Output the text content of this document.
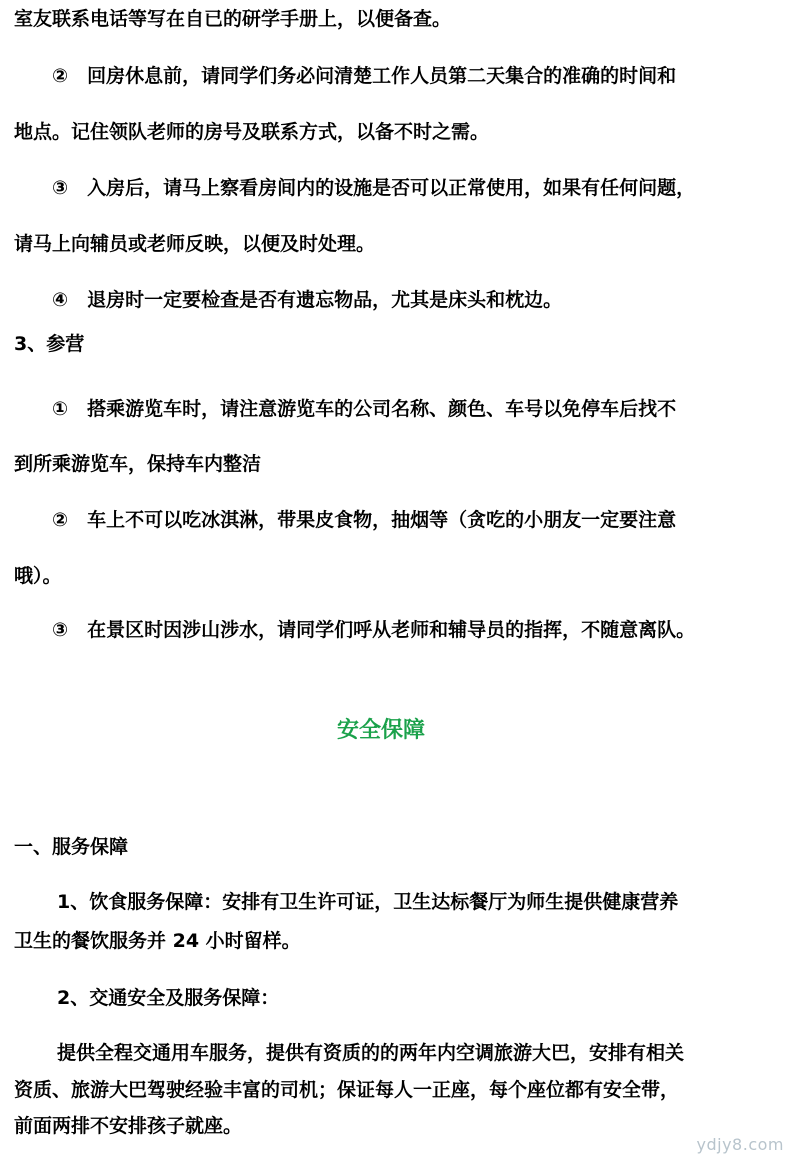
室友联系电话等写在自已的研学手册上，以便备查。
②　回房休息前，请同学们务必问清楚工作人员第二天集合的准确的时间和
地点。记住领队老师的房号及联系方式，以备不时之需。
③　入房后，请马上察看房间内的设施是否可以正常使用，如果有任何问题，
请马上向辅员或老师反映，以便及时处理。
④　退房时一定要检查是否有遗忘物品，尤其是床头和枕边。
3、参营
①　搭乘游览车时，请注意游览车的公司名称、颜色、车号以免停车后找不
到所乘游览车，保持车内整洁
②　车上不可以吃冰淇淋，带果皮食物，抽烟等（贪吃的小朋友一定要注意
哦）。
③　在景区时因涉山涉水，请同学们呼从老师和辅导员的指挥，不随意离队。
安全保障
一、服务保障
1、饮食服务保障：安排有卫生许可证，卫生达标餐厅为师生提供健康营养
卫生的餐饮服务并 24 小时留样。
2、交通安全及服务保障：
提供全程交通用车服务，提供有资质的的两年内空调旅游大巴，安排有相关
资质、旅游大巴驾驶经验丰富的司机；保证每人一正座，每个座位都有安全带，
前面两排不安排孩子就座。
ydjy8.com
